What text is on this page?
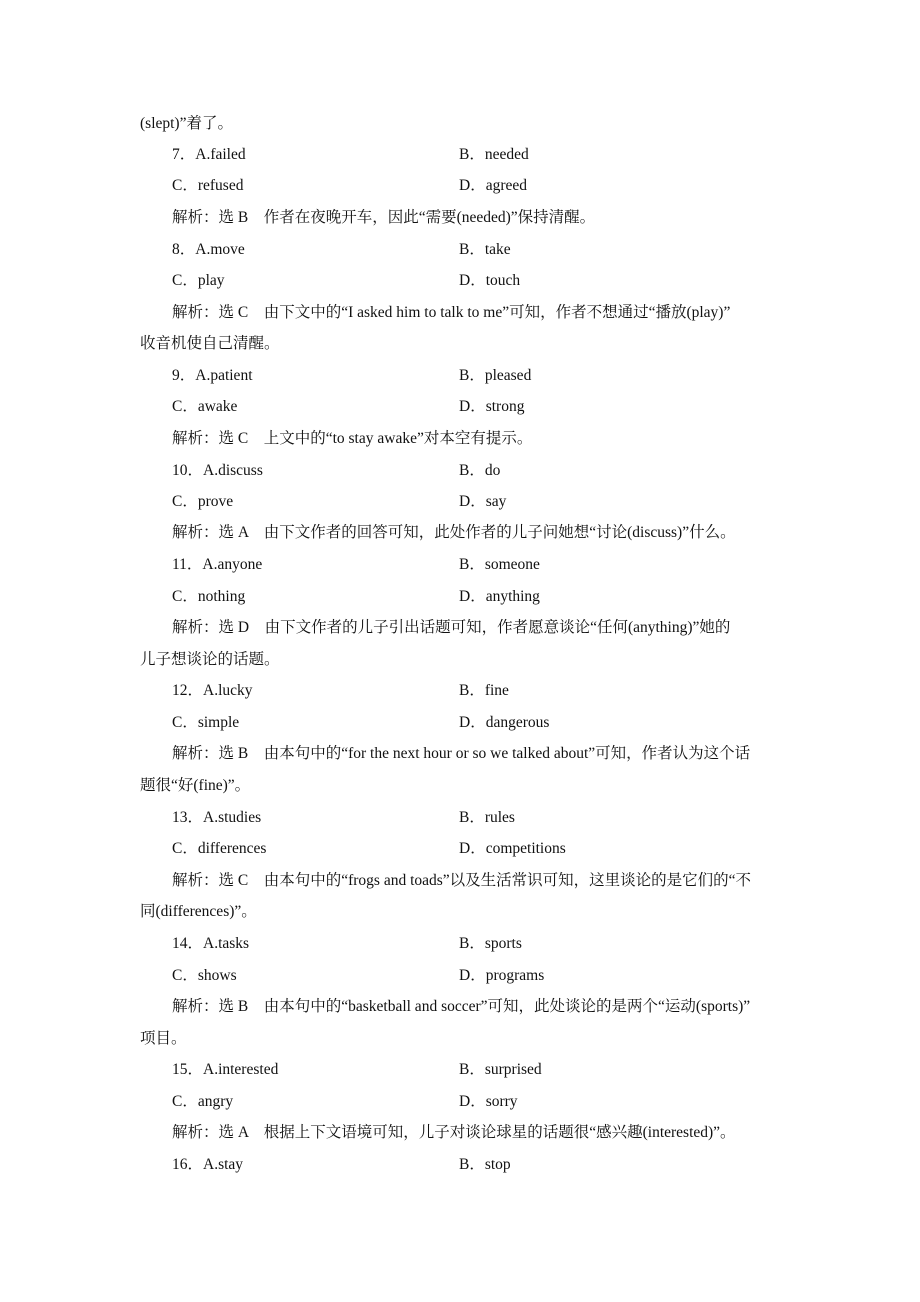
(slept)”着了。
7．A.failed	B．needed
C．refused	D．agreed
解析：选 B　作者在夜晚开车，因此“需要(needed)”保持清醒。
8．A.move	B．take
C．play	D．touch
解析：选 C　由下文中的“I asked him to talk to me”可知，作者不想通过“播放(play)”
收音机使自己清醒。
9．A.patient	B．pleased
C．awake	D．strong
解析：选 C　上文中的“to stay awake”对本空有提示。
10．A.discuss	B．do
C．prove	D．say
解析：选 A　由下文作者的回答可知，此处作者的儿子问她想“讨论(discuss)”什么。
11．A.anyone	B．someone
C．nothing	D．anything
解析：选 D　由下文作者的儿子引出话题可知，作者愿意谈论“任何(anything)”她的
儿子想谈论的话题。
12．A.lucky	B．fine
C．simple	D．dangerous
解析：选 B　由本句中的“for the next hour or so we talked about”可知，作者认为这个话
题很“好(fine)”。
13．A.studies	B．rules
C．differences	D．competitions
解析：选 C　由本句中的“frogs and toads”以及生活常识可知，这里谈论的是它们的“不
同(differences)”。
14．A.tasks	B．sports
C．shows	D．programs
解析：选 B　由本句中的“basketball and soccer”可知，此处谈论的是两个“运动(sports)”
项目。
15．A.interested	B．surprised
C．angry	D．sorry
解析：选 A　根据上下文语境可知，儿子对谈论球星的话题很“感兴趣(interested)”。
16．A.stay	B．stop
